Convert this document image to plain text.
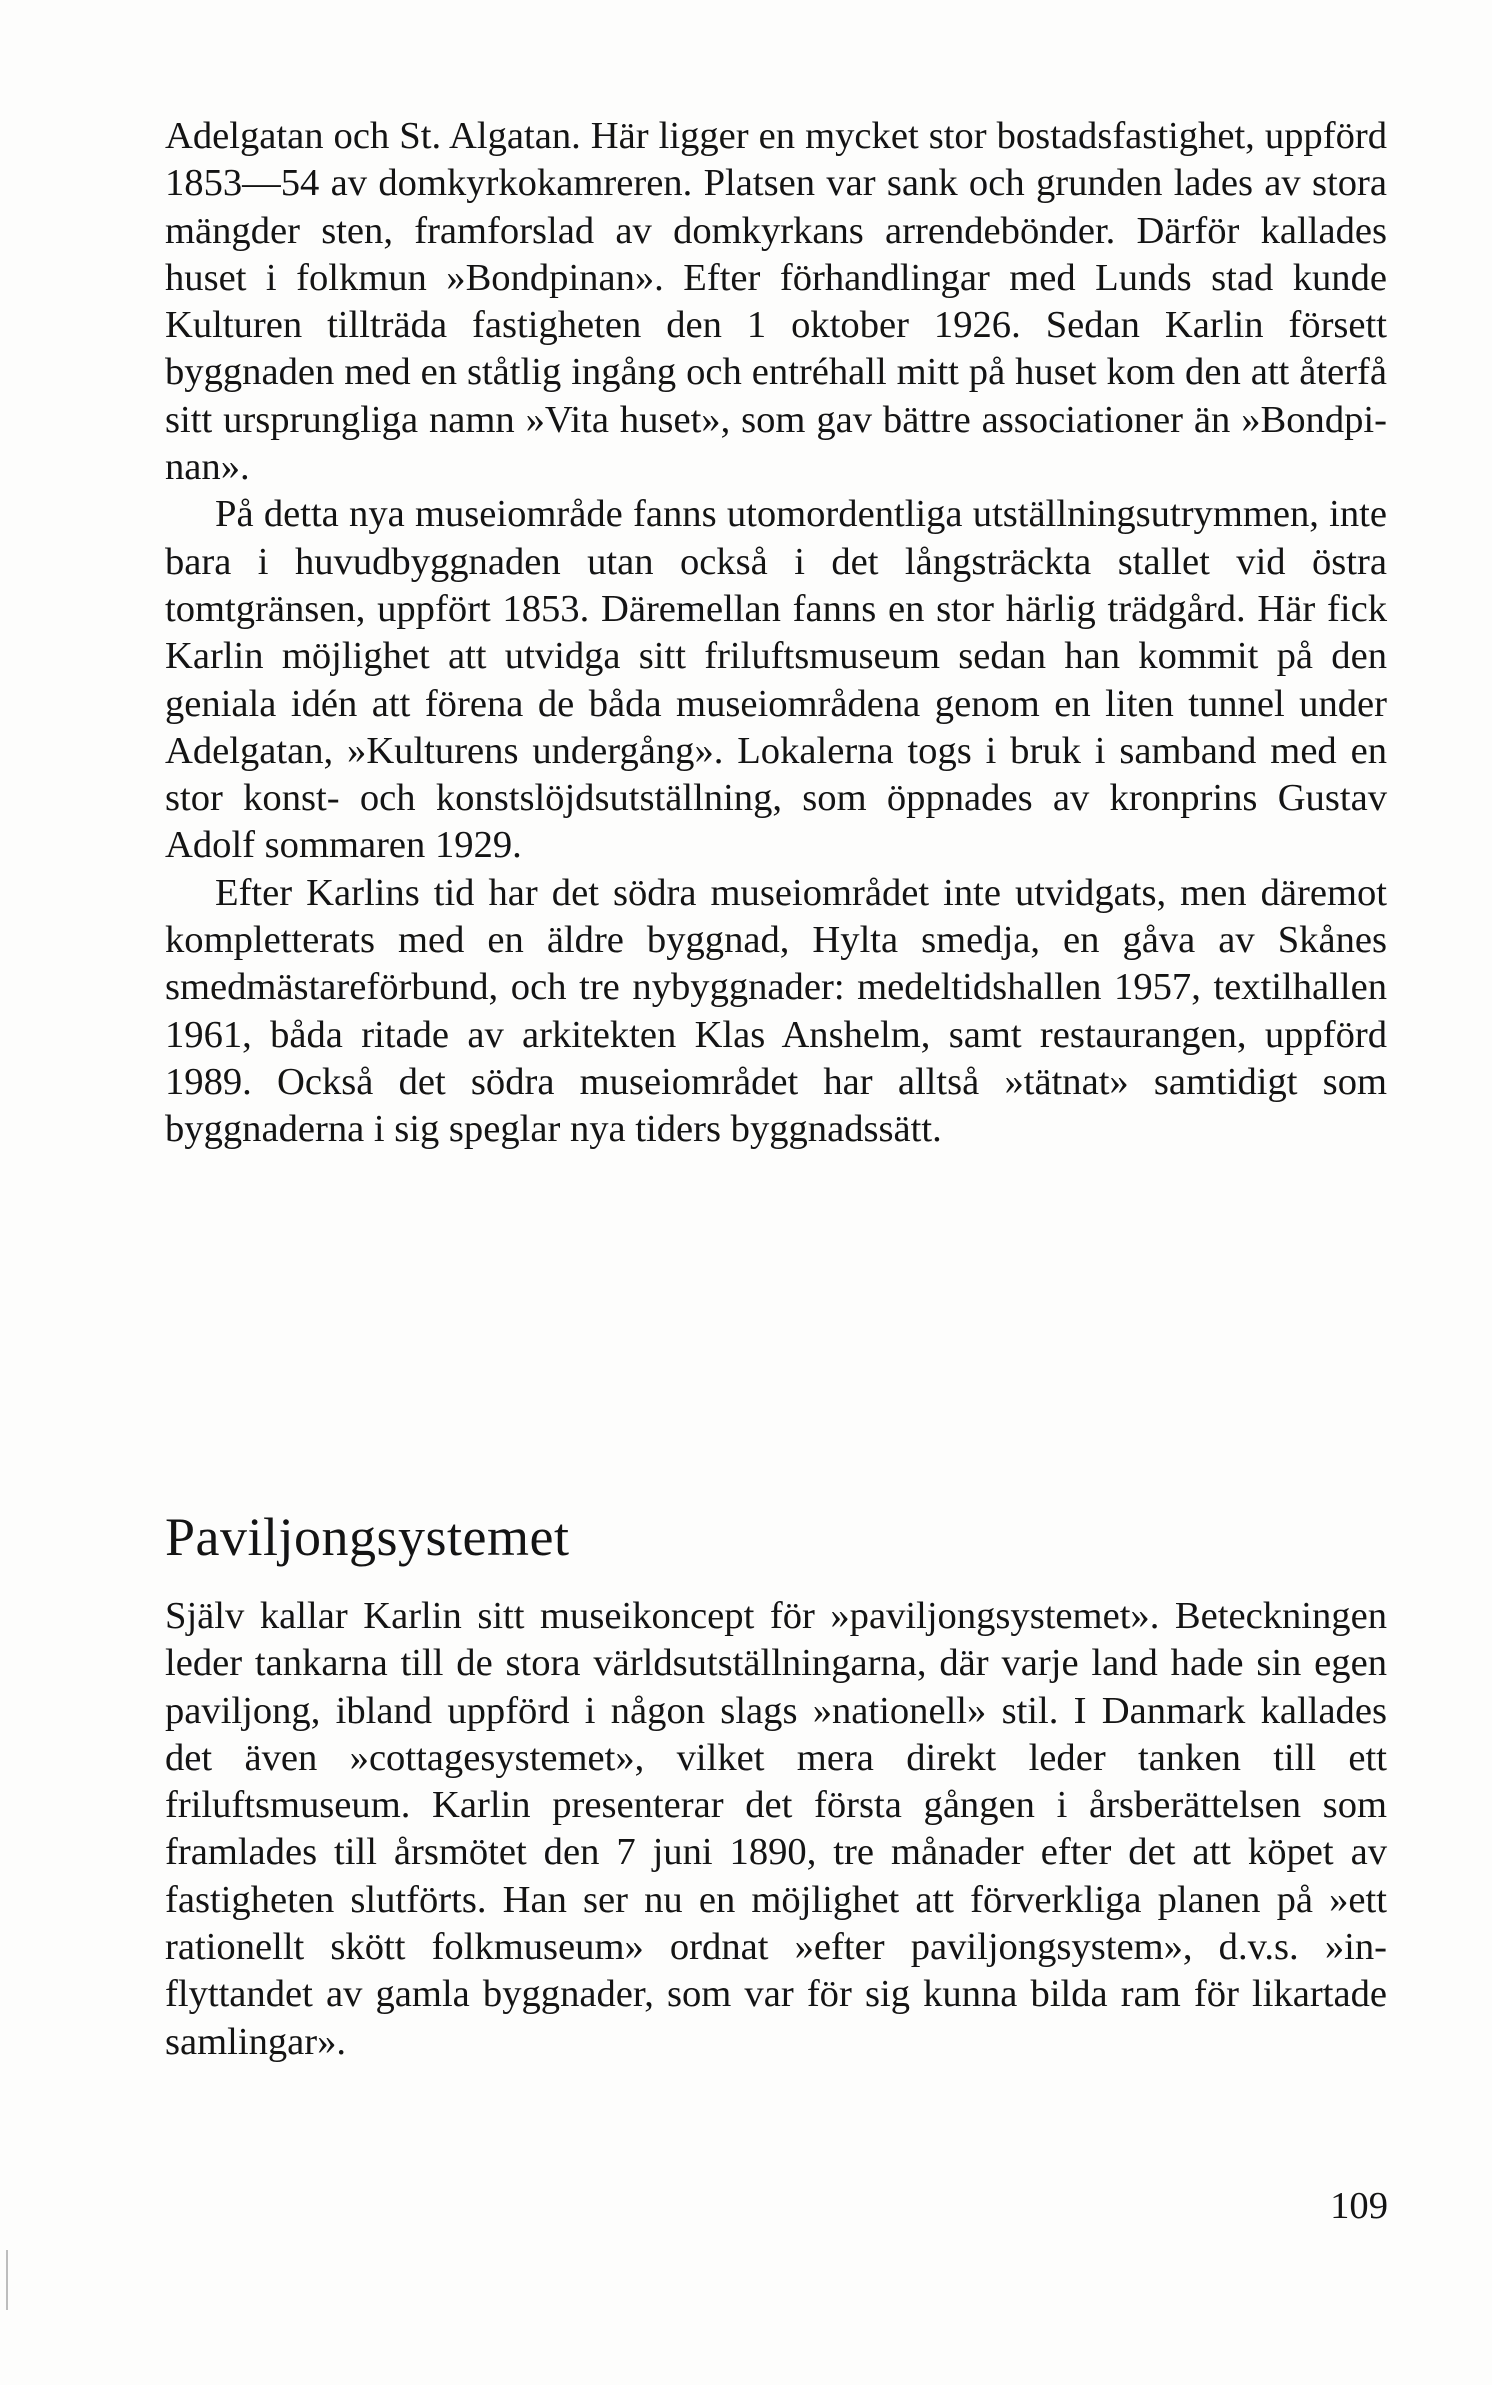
Adelgatan och St. Algatan. Här ligger en mycket stor bostadsfastighet, uppförd 1853—54 av domkyrkokamreren. Platsen var sank och grunden lades av stora mängder sten, framforslad av domkyrkans arrendebönder. Därför kallades huset i folkmun »Bondpinan». Efter förhandlingar med Lunds stad kunde Kulturen tillträda fastigheten den 1 oktober 1926. Sedan Karlin försett byggnaden med en ståtlig ingång och entréhall mitt på huset kom den att återfå sitt ursprungliga namn »Vita huset», som gav bättre associationer än »Bondpinan».

På detta nya museiområde fanns utomordentliga utställningsutrymmen, inte bara i huvudbyggnaden utan också i det långsträckta stallet vid östra tomtgränsen, uppfört 1853. Däremellan fanns en stor härlig trädgård. Här fick Karlin möjlighet att utvidga sitt friluftsmuseum sedan han kommit på den geniala idén att förena de båda museiområdena genom en liten tunnel under Adelgatan, »Kulturens undergång». Lokalerna togs i bruk i samband med en stor konst- och konstslöjdsutställning, som öppnades av kronprins Gustav Adolf sommaren 1929.

Efter Karlins tid har det södra museiområdet inte utvidgats, men däremot kompletterats med en äldre byggnad, Hylta smedja, en gåva av Skånes smedmästareförbund, och tre nybyggnader: medeltidshallen 1957, textilhallen 1961, båda ritade av arkitekten Klas Anshelm, samt restaurangen, uppförd 1989. Också det södra museiområdet har alltså »tätnat» samtidigt som byggnaderna i sig speglar nya tiders byggnadssätt.

Paviljongsystemet

Själv kallar Karlin sitt museikoncept för »paviljongsystemet». Beteckningen leder tankarna till de stora världsutställningarna, där varje land hade sin egen paviljong, ibland uppförd i någon slags »nationell» stil. I Danmark kallades det även »cottagesystemet», vilket mera direkt leder tanken till ett friluftsmuseum. Karlin presenterar det första gången i årsberättelsen som framlades till årsmötet den 7 juni 1890, tre månader efter det att köpet av fastigheten slutförts. Han ser nu en möjlighet att förverkliga planen på »ett rationellt skött folkmuseum» ordnat »efter paviljongsystem», d.v.s. »inflyttandet av gamla byggnader, som var för sig kunna bilda ram för likartade samlingar».

109
